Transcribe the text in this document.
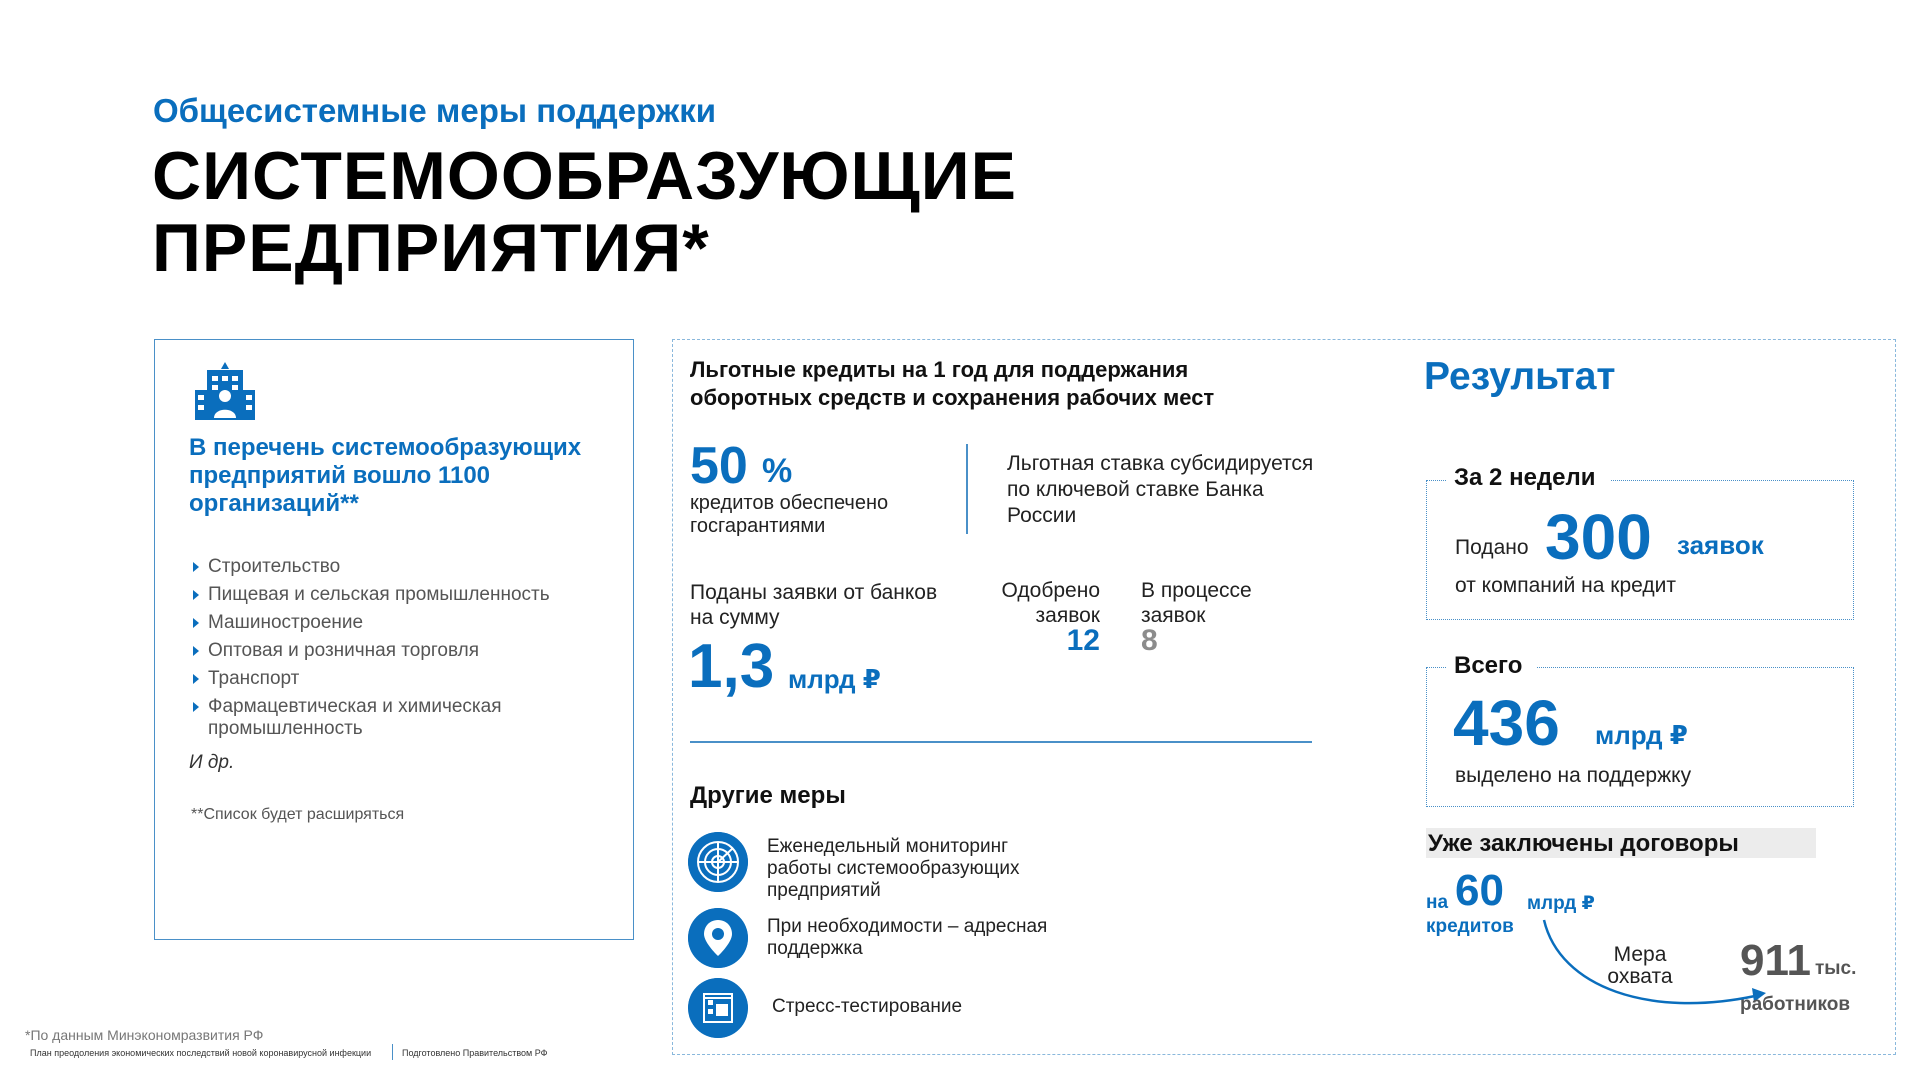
Общесистемные меры поддержки
СИСТЕМООБРАЗУЮЩИЕ
ПРЕДПРИЯТИЯ*
В перечень системообразующих предприятий вошло 1100 организаций**
Строительство
Пищевая и сельская промышленность
Машиностроение
Оптовая и розничная торговля
Транспорт
Фармацевтическая и химическая промышленность
И др.
**Список будет расширяться
Льготные кредиты на 1 год для поддержания оборотных средств и сохранения рабочих мест
50 %
кредитов обеспечено госгарантиями
Льготная ставка субсидируется по ключевой ставке Банка России
Поданы заявки от банков на сумму
1,3 млрд ₽
Одобрено заявок
12
В процессе заявок
8
Другие меры
Еженедельный мониторинг работы системообразующих предприятий
При необходимости – адресная поддержка
Стресс-тестирование
Результат
За 2 недели
Подано 300 заявок
от компаний на кредит
Всего
436 млрд ₽
выделено на поддержку
Уже заключены договоры
на 60 млрд ₽
кредитов
Мера охвата	911 тыс.
работников
*По данным Минэкономразвития РФ
План преодоления экономических последствий новой коронавирусной инфекции	Подготовлено Правительством РФ
